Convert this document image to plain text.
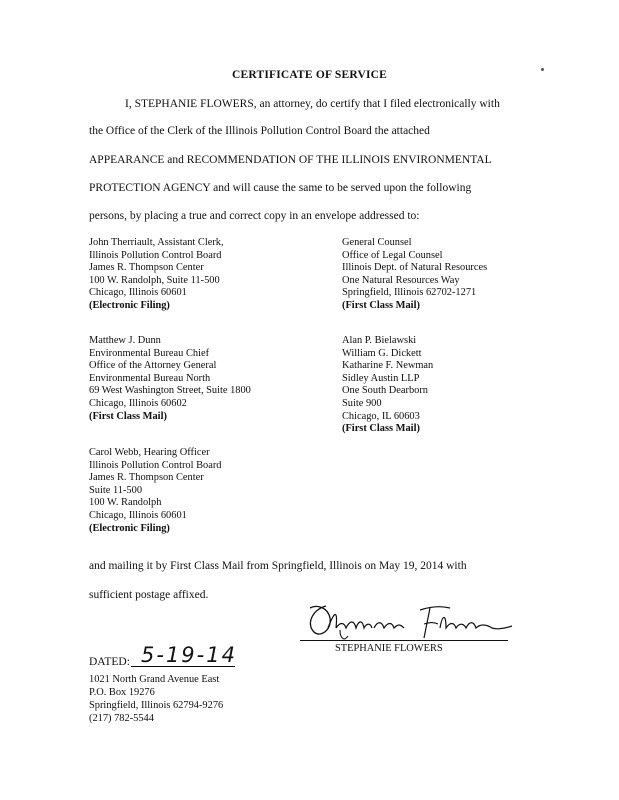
CERTIFICATE OF SERVICE
I, STEPHANIE FLOWERS, an attorney, do certify that I filed electronically with
the Office of the Clerk of the Illinois Pollution Control Board the attached
APPEARANCE and RECOMMENDATION OF THE ILLINOIS ENVIRONMENTAL
PROTECTION AGENCY and will cause the same to be served upon the following
persons, by placing a true and correct copy in an envelope addressed to:
John Therriault, Assistant Clerk,
Illinois Pollution Control Board
James R. Thompson Center
100 W. Randolph, Suite 11-500
Chicago, Illinois 60601
(Electronic Filing)
Matthew J. Dunn
Environmental Bureau Chief
Office of the Attorney General
Environmental Bureau North
69 West Washington Street, Suite 1800
Chicago, Illinois 60602
(First Class Mail)
Carol Webb, Hearing Officer
Illinois Pollution Control Board
James R. Thompson Center
Suite 11-500
100 W. Randolph
Chicago, Illinois 60601
(Electronic Filing)
General Counsel
Office of Legal Counsel
Illinois Dept. of Natural Resources
One Natural Resources Way
Springfield, Illinois 62702-1271
(First Class Mail)
Alan P. Bielawski
William G. Dickett
Katharine F. Newman
Sidley Austin LLP
One South Dearborn
Suite 900
Chicago, IL 60603
(First Class Mail)
and mailing it by First Class Mail from Springfield, Illinois on May 19, 2014 with
sufficient postage affixed.
STEPHANIE FLOWERS
DATED: 5-19-14
1021 North Grand Avenue East
P.O. Box 19276
Springfield, Illinois 62794-9276
(217) 782-5544
